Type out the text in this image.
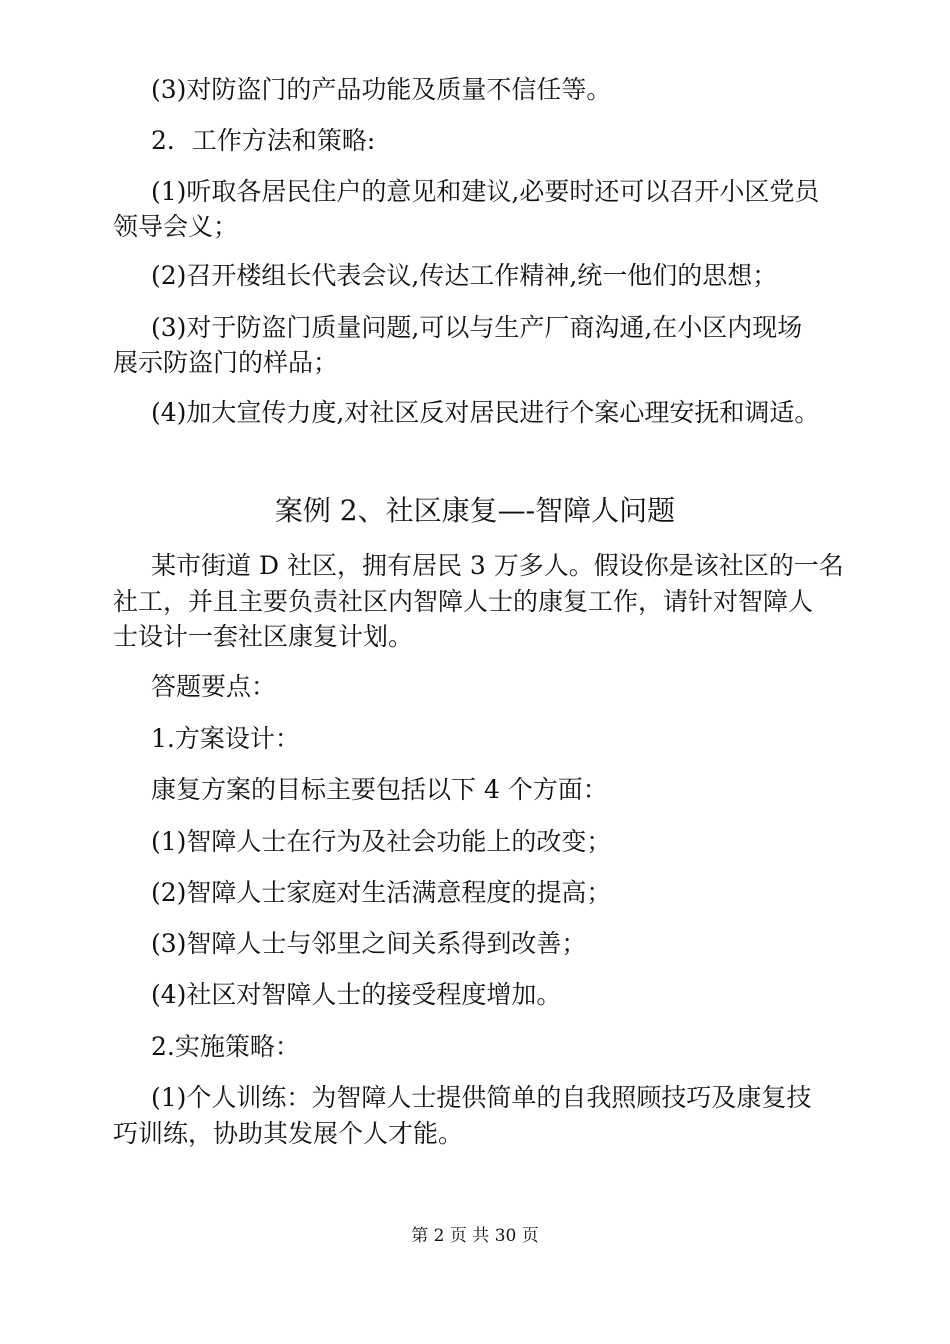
(3)对防盗门的产品功能及质量不信任等。
2．工作方法和策略:
(1)听取各居民住户的意见和建议,必要时还可以召开小区党员
领导会义；
(2)召开楼组长代表会议,传达工作精神,统一他们的思想；
(3)对于防盗门质量问题,可以与生产厂商沟通,在小区内现场
展示防盗门的样品；
(4)加大宣传力度,对社区反对居民进行个案心理安抚和调适。
案例 2、社区康复—-智障人问题
某市街道 D 社区，拥有居民 3 万多人。假设你是该社区的一名
社工，并且主要负责社区内智障人士的康复工作，请针对智障人
士设计一套社区康复计划。
答题要点：
1.方案设计：
康复方案的目标主要包括以下 4 个方面：
(1)智障人士在行为及社会功能上的改变；
(2)智障人士家庭对生活满意程度的提高；
(3)智障人士与邻里之间关系得到改善；
(4)社区对智障人士的接受程度增加。
2.实施策略：
(1)个人训练：为智障人士提供简单的自我照顾技巧及康复技
巧训练，协助其发展个人才能。
第 2 页 共 30 页
